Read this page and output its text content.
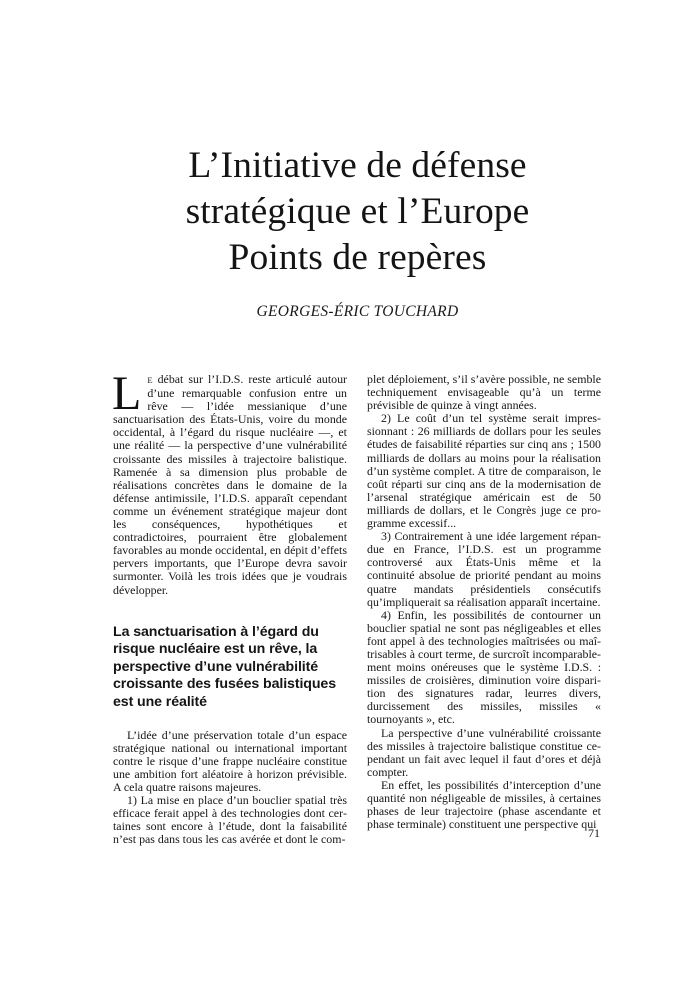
L’Initiative de défense
stratégique et l’Europe
Points de repères
GEORGES-ÉRIC TOUCHARD

L E débat sur l’I.D.S. reste articulé autour d’une remarquable confusion entre un rêve — l’idée messianique d’une sanctuarisation des États-Unis, voire du monde occidental, à l’égard du risque nucléaire —, et une réalité — la perspective d’une vulnérabilité croissante des missiles à trajectoire balistique. Ramenée à sa dimension plus probable de réalisations concrètes dans le domaine de la défense antimissile, l’I.D.S. apparaît cependant comme un événement stratégique majeur dont les conséquences, hypothétiques et contradictoires, pourraient être globalement favorables au monde occidental, en dépit d’effets pervers importants, que l’Europe devra savoir surmonter. Voilà les trois idées que je voudrais développer.

La sanctuarisation à l’égard du risque nucléaire est un rêve, la perspective d’une vulnérabilité croissante des fusées balistiques est une réalité

L’idée d’une préservation totale d’un espace stratégique national ou international important contre le risque d’une frappe nucléaire constitue une ambition fort aléatoire à horizon prévisible. A cela quatre raisons majeures.

1) La mise en place d’un bouclier spatial très efficace ferait appel à des technologies dont certaines sont encore à l’étude, dont la faisabilité n’est pas dans tous les cas avérée et dont le com-

plet déploiement, s’il s’avère possible, ne semble techniquement envisageable qu’à un terme prévisible de quinze à vingt années.

2) Le coût d’un tel système serait impressionnant : 26 milliards de dollars pour les seules études de faisabilité réparties sur cinq ans ; 1500 milliards de dollars au moins pour la réalisation d’un système complet. A titre de comparaison, le coût réparti sur cinq ans de la modernisation de l’arsenal stratégique américain est de 50 milliards de dollars, et le Congrès juge ce programme excessif...

3) Contrairement à une idée largement répandue en France, l’I.D.S. est un programme controversé aux États-Unis même et la continuité absolue de priorité pendant au moins quatre mandats présidentiels consécutifs qu’impliquerait sa réalisation apparaît incertaine.

4) Enfin, les possibilités de contourner un bouclier spatial ne sont pas négligeables et elles font appel à des technologies maîtrisées ou maîtrisables à court terme, de surcroît incomparablement moins onéreuses que le système I.D.S. : missiles de croisières, diminution voire disparition des signatures radar, leurres divers, durcissement des missiles, missiles « tournoyants », etc.

La perspective d’une vulnérabilité croissante des missiles à trajectoire balistique constitue cependant un fait avec lequel il faut d’ores et déjà compter.

En effet, les possibilités d’interception d’une quantité non négligeable de missiles, à certaines phases de leur trajectoire (phase ascendante et phase terminale) constituent une perspective qui

71
